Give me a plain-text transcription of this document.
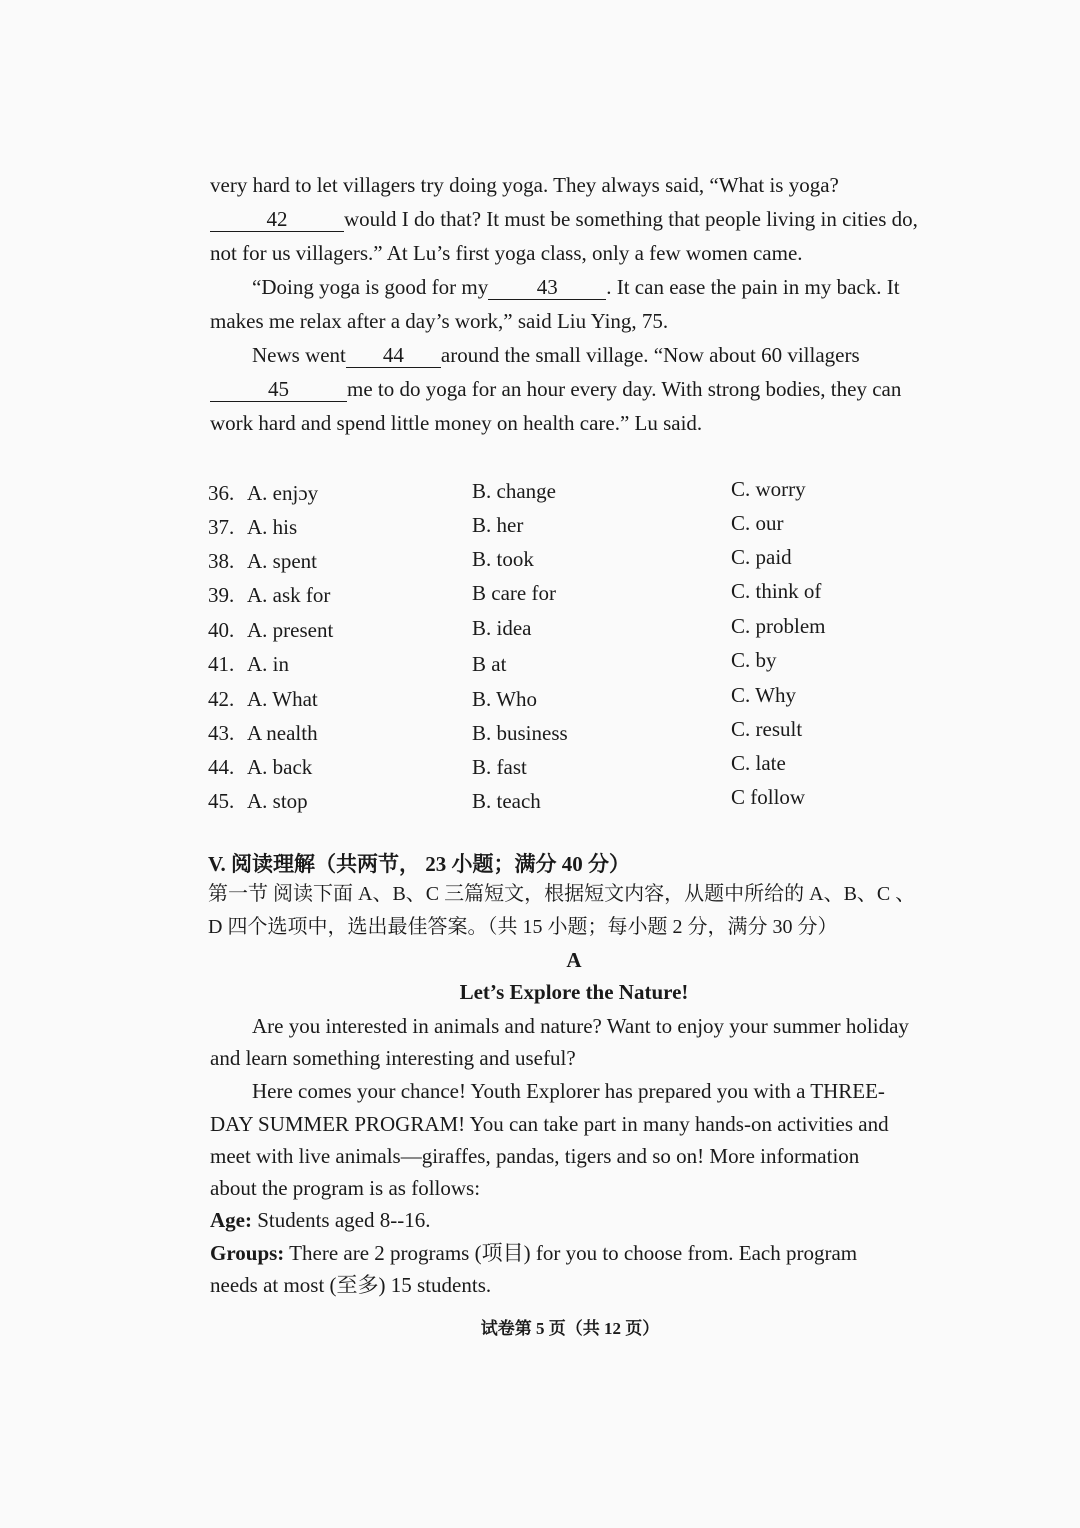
very hard to let villagers try doing yoga. They always said, “What is yoga?
42	would I do that? It must be something that people living in cities do,
not for us villagers.” At Lu’s first yoga class, only a few women came.
“Doing yoga is good for my 43 . It can ease the pain in my back. It
makes me relax after a day’s work,” said Liu Ying, 75.
News went 44 around the small village. “Now about 60 villagers
45	me to do yoga for an hour every day. With strong bodies, they can
work hard and spend little money on health care.” Lu said.
36. A. enjɔy	B. change	C. worry
37. A. his	B. her	C. our
38. A. spent	B. took	C. paid
39. A. ask for	B care for	C. think of
40. A. present	B. idea	C. problem
41. A. in	B at	C. by
42. A. What	B. Who	C. Why
43. A nealth	B. business	C. result
44. A. back	B. fast	C. late
45. A. stop	B. teach	C follow
V. 阅读理解（共两节， 23 小题；满分 40 分）
第一节 阅读下面 A、B、C 三篇短文，根据短文内容，从题中所给的 A、B、C 、
D 四个选项中，选出最佳答案。（共 15 小题；每小题 2 分，满分 30 分）
A
Let’s Explore the Nature!
Are you interested in animals and nature? Want to enjoy your summer holiday
and learn something interesting and useful?
Here comes your chance! Youth Explorer has prepared you with a THREE-
DAY SUMMER PROGRAM! You can take part in many hands-on activities and
meet with live animals—giraffes, pandas, tigers and so on! More information
about the program is as follows:
Age: Students aged 8--16.
Groups: There are 2 programs (项目) for you to choose from. Each program
needs at most (至多) 15 students.
试卷第 5 页（共 12 页）
